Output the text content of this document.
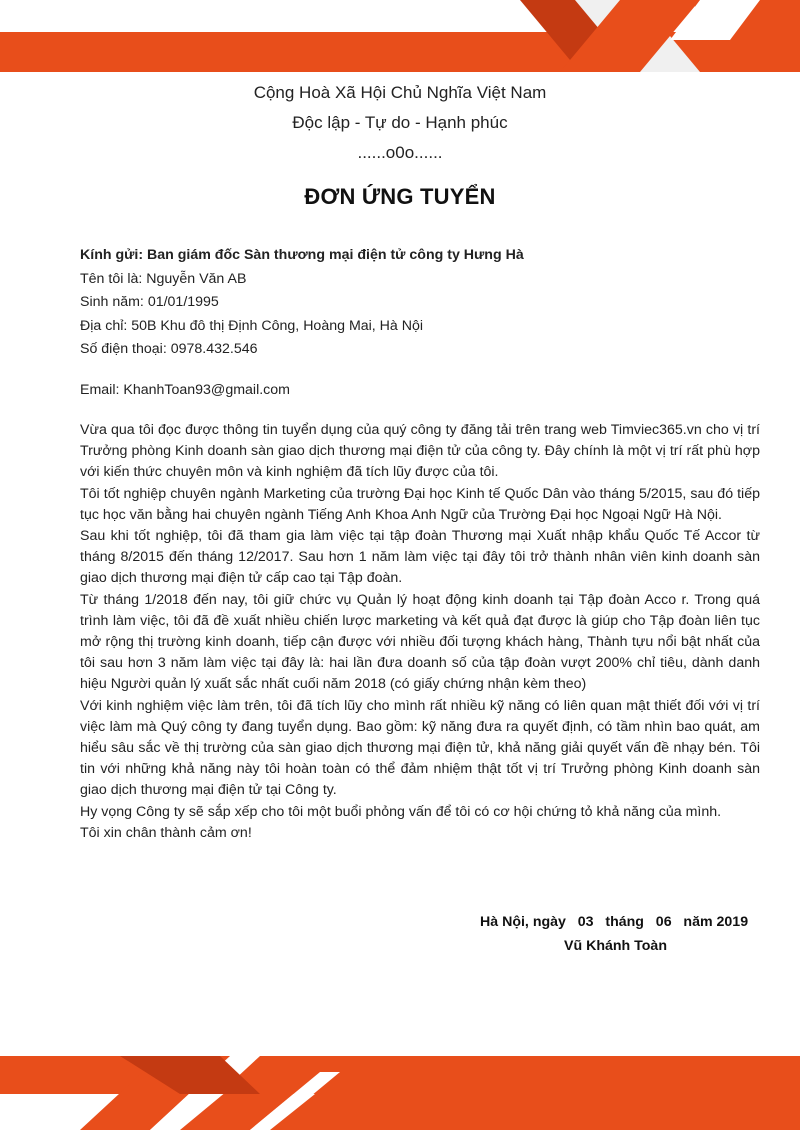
Cộng Hoà Xã Hội Chủ Nghĩa Việt Nam
Độc lập - Tự do - Hạnh phúc
......o0o......
ĐƠN ỨNG TUYỂN
Kính gửi: Ban giám đốc Sàn thương mại điện tử công ty Hưng Hà
Tên tôi là: Nguyễn Văn AB
Sinh năm: 01/01/1995
Địa chỉ: 50B Khu đô thị Định Công, Hoàng Mai, Hà Nội
Số điện thoại: 0978.432.546
Email: KhanhToan93@gmail.com
Vừa qua tôi đọc được thông tin tuyển dụng của quý công ty đăng tải trên trang web Timviec365.vn cho vị trí Trưởng phòng Kinh doanh sàn giao dịch thương mại điện tử của công ty. Đây chính là một vị trí rất phù hợp với kiến thức chuyên môn và kinh nghiệm đã tích lũy được của tôi.
Tôi tốt nghiệp chuyên ngành Marketing của trường Đại học Kinh tế Quốc Dân vào tháng 5/2015, sau đó tiếp tục học văn bằng hai chuyên ngành Tiếng Anh Khoa Anh Ngữ của Trường Đại học Ngoại Ngữ Hà Nội.
Sau khi tốt nghiệp, tôi đã tham gia làm việc tại tập đoàn Thương mại Xuất nhập khẩu Quốc Tế Accor từ tháng 8/2015 đến tháng 12/2017. Sau hơn 1 năm làm việc tại đây tôi trở thành nhân viên kinh doanh sàn giao dịch thương mại điện tử cấp cao tại Tập đoàn.
Từ tháng 1/2018 đến nay, tôi giữ chức vụ Quản lý hoạt động kinh doanh tại Tập đoàn Acco r. Trong quá trình làm việc, tôi đã đề xuất nhiều chiến lược marketing và kết quả đạt được là giúp cho Tập đoàn liên tục mở rộng thị trường kinh doanh, tiếp cận được với nhiều đối tượng khách hàng, Thành tựu nổi bật nhất của tôi sau hơn 3 năm làm việc tại đây là: hai lần đưa doanh số của tập đoàn vượt 200% chỉ tiêu, dành danh hiệu Người quản lý xuất sắc nhất cuối năm 2018 (có giấy chứng nhận kèm theo)
Với kinh nghiệm việc làm trên, tôi đã tích lũy cho mình rất nhiều kỹ năng có liên quan mật thiết đối với vị trí việc làm mà Quý công ty đang tuyển dụng. Bao gồm: kỹ năng đưa ra quyết định, có tầm nhìn bao quát, am hiểu sâu sắc về thị trường của sàn giao dịch thương mại điện tử, khả năng giải quyết vấn đề nhạy bén. Tôi tin với những khả năng này tôi hoàn toàn có thể đảm nhiệm thật tốt vị trí Trưởng phòng Kinh doanh sàn giao dịch thương mại điện tử tại Công ty.
Hy vọng Công ty sẽ sắp xếp cho tôi một buổi phỏng vấn để tôi có cơ hội chứng tỏ khả năng của mình.
Tôi xin chân thành cảm ơn!
Hà Nội, ngày   03   tháng   06   năm 2019
Vũ Khánh Toàn
